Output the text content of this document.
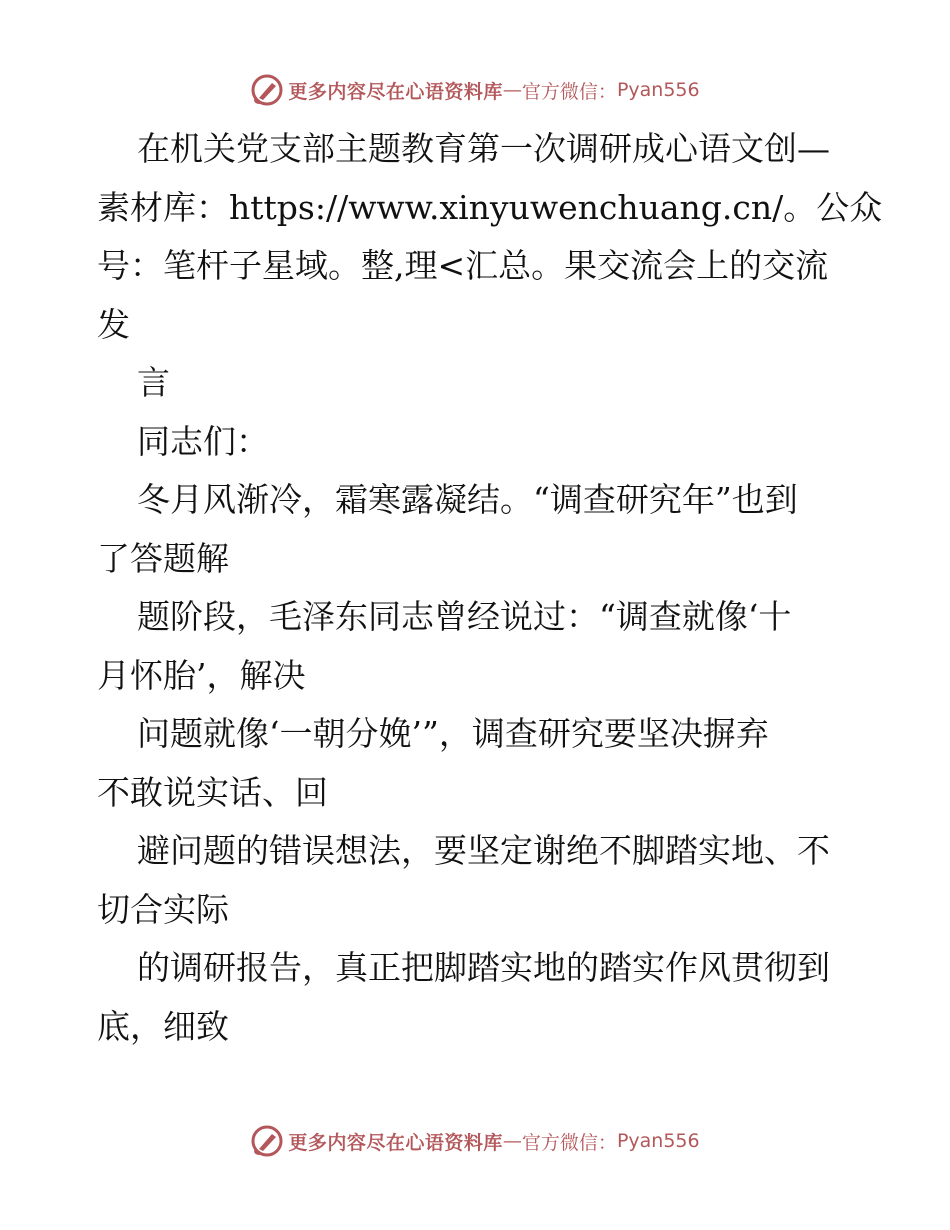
更多内容尽在心语资料库 — 官方微信： Pyan556
在机关党支部主题教育第一次调研成心语文创—
素材库：https://www.xinyuwenchuang.cn/。公众
号：笔杆子星域。整,理<汇总。果交流会上的交流
发
言
同志们：
冬月风渐冷，霜寒露凝结。“调查研究年”也到
了答题解
题阶段，毛泽东同志曾经说过：“调查就像‘十
月怀胎’，解决
问题就像‘一朝分娩’”，调查研究要坚决摒弃
不敢说实话、回
避问题的错误想法，要坚定谢绝不脚踏实地、不
切合实际
的调研报告，真正把脚踏实地的踏实作风贯彻到
底，细致
更多内容尽在心语资料库 — 官方微信： Pyan556
